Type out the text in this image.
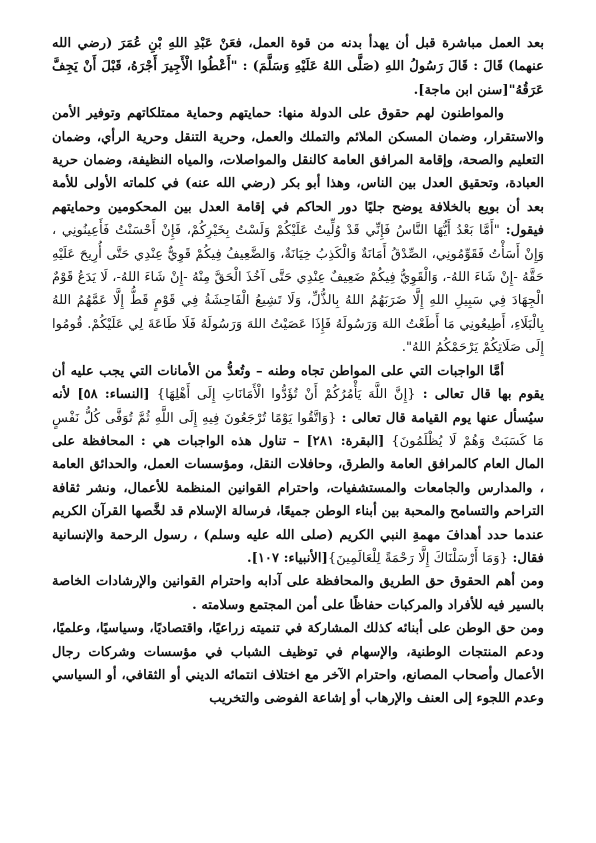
بعد العمل مباشرة قبل أن يهدأ بدنه من قوة العمل، فعَنْ عَبْدِ اللهِ بْنِ عُمَرَ (رضي الله عنهما) قَالَ : قَالَ رَسُولُ اللهِ (صَلَّى اللهُ عَلَيْهِ وَسَلَّمَ) : "أَعْطُوا الْأَجِيرَ أَجْرَهُ، قَبْلَ أَنْ يَجِفَّ عَرَقُهُ"[سنن ابن ماجة].

والمواطنون لهم حقوق على الدولة منها: حمايتهم وحماية ممتلكاتهم وتوفير الأمن والاستقرار، وضمان المسكن الملائم والتملك والعمل، وحرية التنقل وحرية الرأي، وضمان التعليم والصحة، وإقامة المرافق العامة كالنقل والمواصلات، والمياه النظيفة، وضمان حرية العبادة، وتحقيق العدل بين الناس، وهذا أبو بكر (رضي الله عنه) في كلماته الأولى للأمة بعد أن بويع بالخلافة يوضح جليًا دور الحاكم في إقامة العدل بين المحكومين وحمايتهم فيقول: "أَمَّا بَعْدُ أَيُّهَا النَّاسُ فَإِنِّي قَدْ وُلِّيتُ عَلَيْكُمْ وَلَسْتُ بِخَيْرِكُمْ، فَإِنْ أَحْسَنْتُ فَأَعِينُونِي ، وَإِنْ أَسَأْتُ فَقَوِّمُونِي، الصِّدْقُ أَمَانَةٌ وَالْكَذِبُ خِيَانَةٌ، وَالضَّعِيفُ فِيكُمْ قَوِيٌّ عِنْدِي حَتَّى أُرِيحَ عَلَيْهِ حَقَّهُ -إِنْ شَاءَ اللهُ-، وَالْقَوِيُّ فِيكُمْ ضَعِيفٌ عِنْدِي حَتَّى آخُذَ الْحَقَّ مِنْهُ -إِنْ شَاءَ اللهُ-، لَا يَدَعُ قَوْمٌ الْجِهَادَ فِي سَبِيلِ اللهِ إِلَّا ضَرَبَهُمُ اللهُ بِالذُّلِّ، وَلَا تَشِيعُ الْفَاحِشَةُ فِي قَوْمٍ قَطُّ إِلَّا عَمَّهُمُ اللهُ بِالْبَلَاءِ، أَطِيعُونِي مَا أَطَعْتُ اللهَ وَرَسُولَهُ فَإِذَا عَصَيْتُ اللهَ وَرَسُولَهُ فَلَا طَاعَةَ لِي عَلَيْكُمْ. قُومُوا إِلَى صَلَاتِكُمْ يَرْحَمْكُمُ اللهُ".

أمَّا الواجبات التي على المواطن تجاه وطنه – وتُعدُّ من الأمانات التي يجب عليه أن يقوم بها قال تعالى : {إِنَّ اللَّهَ يَأْمُرُكُمْ أَنْ تُؤَدُّوا الْأَمَانَاتِ إِلَى أَهْلِهَا} [النساء: ٥٨] لأنه سيُسأل عنها يوم القيامة قال تعالى : {وَاتَّقُوا يَوْمًا تُرْجَعُونَ فِيهِ إِلَى اللَّهِ ثُمَّ تُوَفَّى كُلُّ نَفْسٍ مَا كَسَبَتْ وَهُمْ لَا يُظْلَمُونَ} [البقرة: ٢٨١] – تناول هذه الواجبات هي : المحافظة على المال العام كالمرافق العامة والطرق، وحافلات النقل، ومؤسسات العمل، والحدائق العامة ، والمدارس والجامعات والمستشفيات، واحترام القوانين المنظمة للأعمال، ونشر ثقافة التراحم والتسامح والمحبة بين أبناء الوطن جميعًا، فرسالة الإسلام قد لخَّصها القرآن الكريم عندما حدد أهدافَ مهمةِ النبي الكريم (صلى الله عليه وسلم) ، رسول الرحمة والإنسانية فقال: {وَمَا أَرْسَلْنَاكَ إِلَّا رَحْمَةً لِلْعَالَمِينَ}[الأنبياء: ١٠٧].

ومن أهم الحقوق حق الطريق والمحافظة على آدابه واحترام القوانين والإرشادات الخاصة بالسير فيه للأفراد والمركبات حفاظًا على أمن المجتمع وسلامته .

ومن حق الوطن على أبنائه كذلك المشاركة في تنميته زراعيًا، واقتصاديًا، وسياسيًا، وعلميًا، ودعم المنتجات الوطنية، والإسهام في توظيف الشباب في مؤسسات وشركات رجال الأعمال وأصحاب المصانع، واحترام الآخر مع اختلاف انتمائه الديني أو الثقافي، أو السياسي وعدم اللجوء إلى العنف والإرهاب أو إشاعة الفوضى والتخريب
